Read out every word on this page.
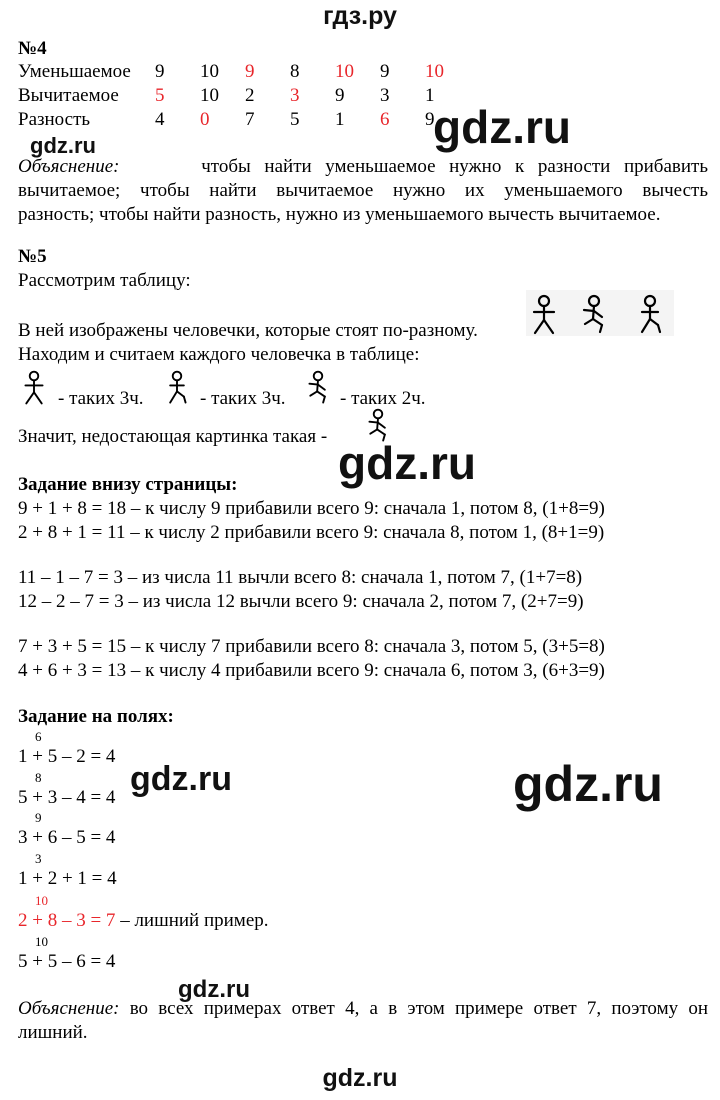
гдз.ру
№4
Уменьшаемое 9 10 9 8 10 9 10
Вычитаемое 5 10 2 3 9 3 1
Разность	4 0 7 5 1 6 9
gdz.ru
gdz.ru
Объяснение:	чтобы найти уменьшаемое нужно к разности прибавить
вычитаемое; чтобы найти вычитаемое нужно их уменьшаемого вычесть
разность; чтобы найти разность, нужно из уменьшаемого вычесть вычитаемое.
№5
Рассмотрим таблицу:
В ней изображены человечки, которые стоят по-разному.
Находим и считаем каждого человечка в таблице:
- таких 3ч.	- таких 3ч.	- таких 2ч.
Значит, недостающая картинка такая -
gdz.ru
Задание внизу страницы:
9 + 1 + 8 = 18 – к числу 9 прибавили всего 9: сначала 1, потом 8, (1+8=9)
2 + 8 + 1 = 11 – к числу 2 прибавили всего 9: сначала 8, потом 1, (8+1=9)
11 – 1 – 7 = 3 – из числа 11 вычли всего 8: сначала 1, потом 7, (1+7=8)
12 – 2 – 7 = 3 – из числа 12 вычли всего 9: сначала 2, потом 7, (2+7=9)
7 + 3 + 5 = 15 – к числу 7 прибавили всего 8: сначала 3, потом 5, (3+5=8)
4 + 6 + 3 = 13 – к числу 4 прибавили всего 9: сначала 6, потом 3, (6+3=9)
Задание на полях:
6
1 + 5 – 2 = 4
8
5 + 3 – 4 = 4
9
3 + 6 – 5 = 4
3
1 + 2 + 1 = 4
10
2 + 8 – 3 = 7 – лишний пример.
10
5 + 5 – 6 = 4
gdz.ru	gdz.ru
gdz.ru
Объяснение: во всех примерах ответ 4, а в этом примере ответ 7, поэтому он
лишний.
gdz.ru
